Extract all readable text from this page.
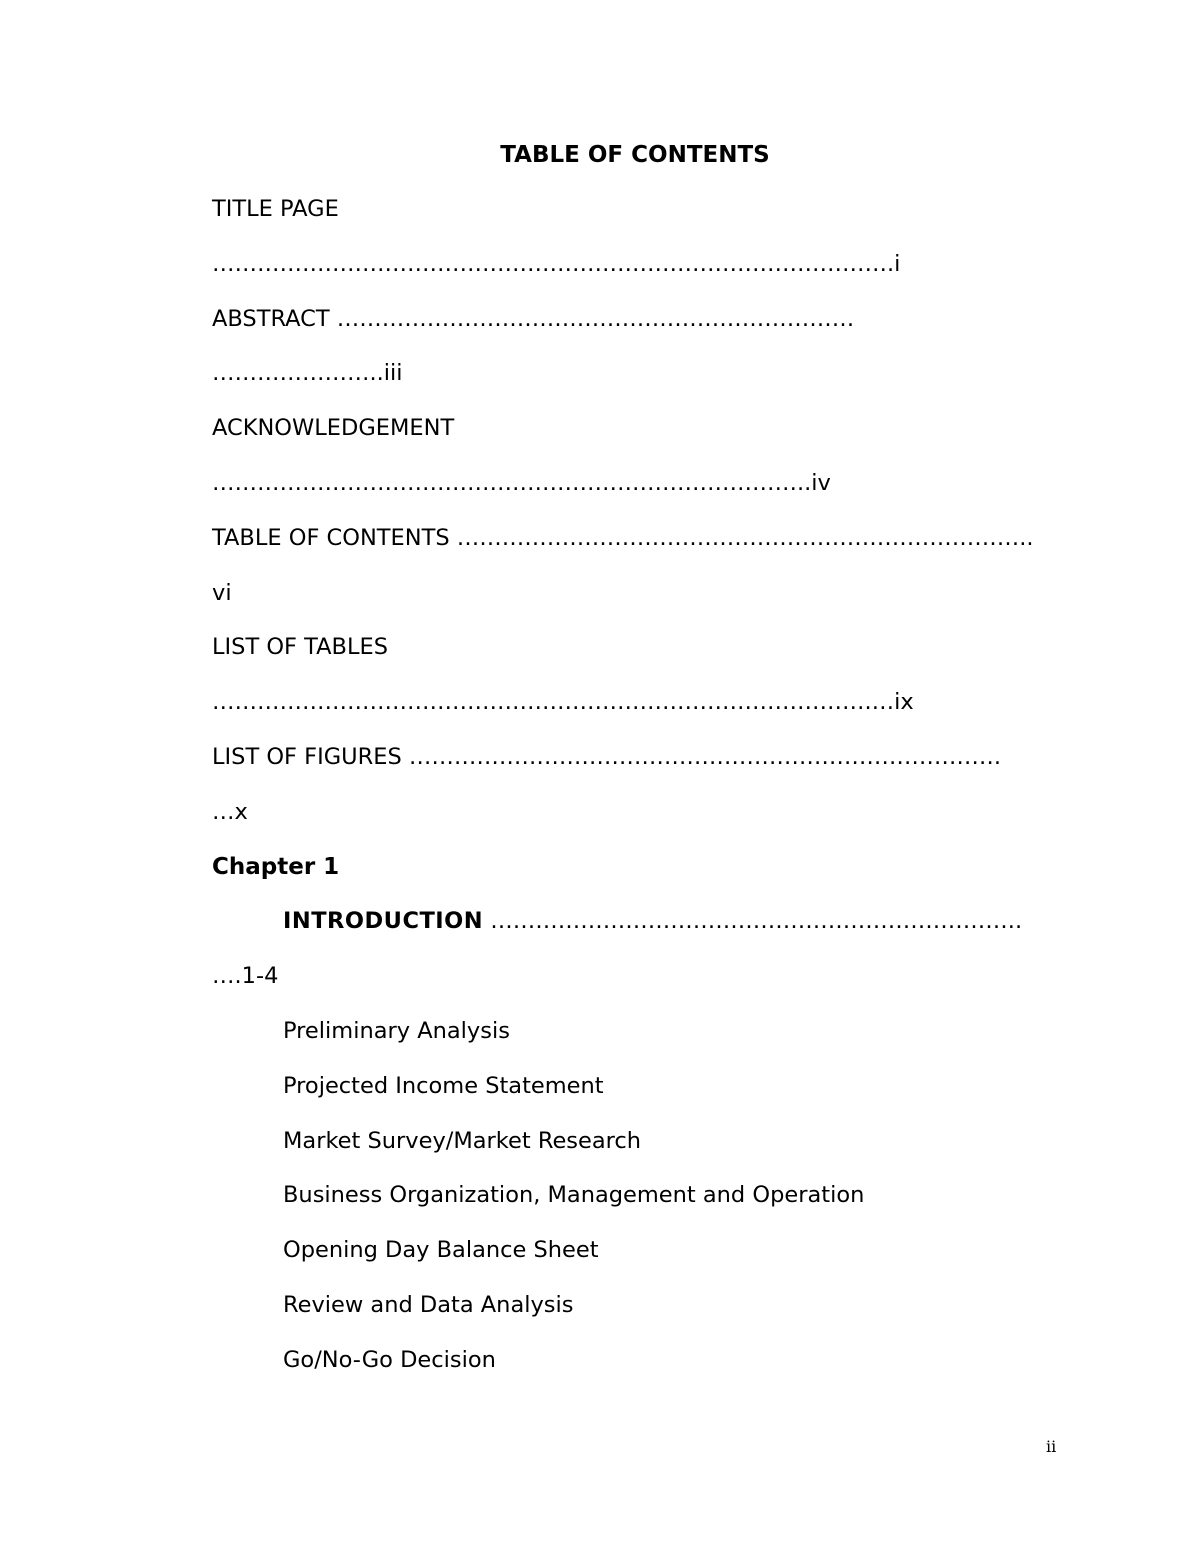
TABLE OF CONTENTS
TITLE PAGE
……………………………………………………………………………….i
ABSTRACT ……………………………………………………………
…………………..iii
ACKNOWLEDGEMENT
……………………………………………………………………..iv
TABLE OF CONTENTS …………………………………………………………………..
vi
LIST OF TABLES
…………………………………………………………………………….…ix
LIST OF FIGURES …………………………………………………………………….
…x
Chapter 1
INTRODUCTION ……………………………………………………………..
….1-4
Preliminary Analysis
Projected Income Statement
Market Survey/Market Research
Business Organization, Management and Operation
Opening Day Balance Sheet
Review and Data Analysis
Go/No-Go Decision
ii
